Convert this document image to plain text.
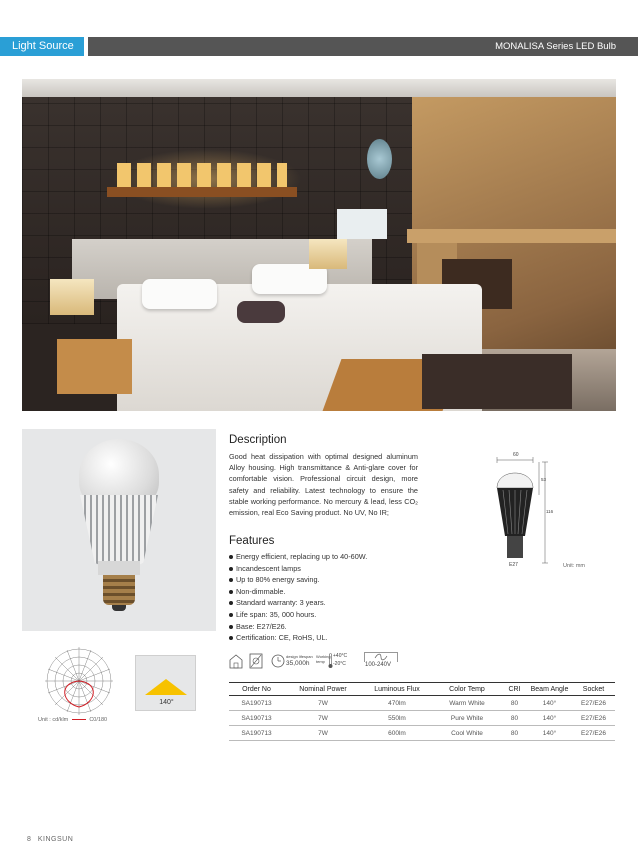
Light Source	MONALISA Series LED Bulb
Unit : cd/klm	C0/180
140°
Description
Good heat dissipation with optimal designed aluminum Alloy housing. High transmittance & Anti-glare cover for comfortable vision. Professional circuit design, more safety and reliability. Latest technology to ensure the stable working performance. No mercury & lead, less CO₂ emission, real Eco Saving product. No UV, No IR;
Features
Energy efficient, replacing up to 40-60W.
Incandescent lamps
Up to 80% energy saving.
Non-dimmable.
Standard warranty: 3 years.
Life span: 35, 000 hours.
Base: E27/E26.
Certification: CE, RoHS, UL.
60
53
116
E27	Unit: mm
design lifespan
35,000h
Working temp
+40°C
-20°C	100-240V
Order No	Nominal Power	Luminous Flux	Color Temp	CRI	Beam Angle	Socket
SA190713	7W	470lm	Warm White	80	140°	E27/E26
SA190713	7W	550lm	Pure White	80	140°	E27/E26
SA190713	7W	600lm	Cool White	80	140°	E27/E26
8 KINGSUN
